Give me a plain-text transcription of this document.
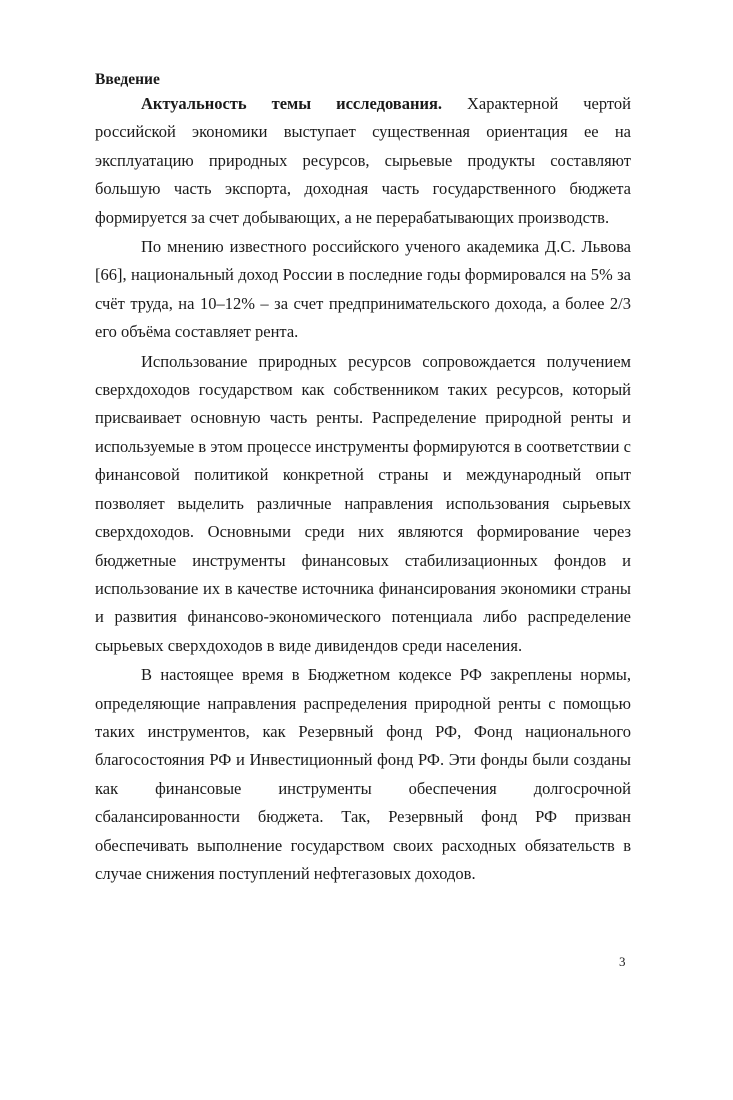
Введение

Актуальность темы исследования. Характерной чертой российской экономики выступает существенная ориентация ее на эксплуатацию природных ресурсов, сырьевые продукты составляют большую часть экспорта, доходная часть государственного бюджета формируется за счет добывающих, а не перерабатывающих производств.

По мнению известного российского ученого академика Д.С. Львова [66], национальный доход России в последние годы формировался на 5% за счёт труда, на 10–12% – за счет предпринимательского дохода, а более 2/3 его объёма составляет рента.

Использование природных ресурсов сопровождается получением сверхдоходов государством как собственником таких ресурсов, который присваивает основную часть ренты. Распределение природной ренты и используемые в этом процессе инструменты формируются в соответствии с финансовой политикой конкретной страны и международный опыт позволяет выделить различные направления использования сырьевых сверхдоходов. Основными среди них являются формирование через бюджетные инструменты финансовых стабилизационных фондов и использование их в качестве источника финансирования экономики страны и развития финансово-экономического потенциала либо распределение сырьевых сверхдоходов в виде дивидендов среди населения.

В настоящее время в Бюджетном кодексе РФ закреплены нормы, определяющие направления распределения природной ренты с помощью таких инструментов, как Резервный фонд РФ, Фонд национального благосостояния РФ и Инвестиционный фонд РФ. Эти фонды были созданы как финансовые инструменты обеспечения долгосрочной сбалансированности бюджета. Так, Резервный фонд РФ призван обеспечивать выполнение государством своих расходных обязательств в случае снижения поступлений нефтегазовых доходов.

3
